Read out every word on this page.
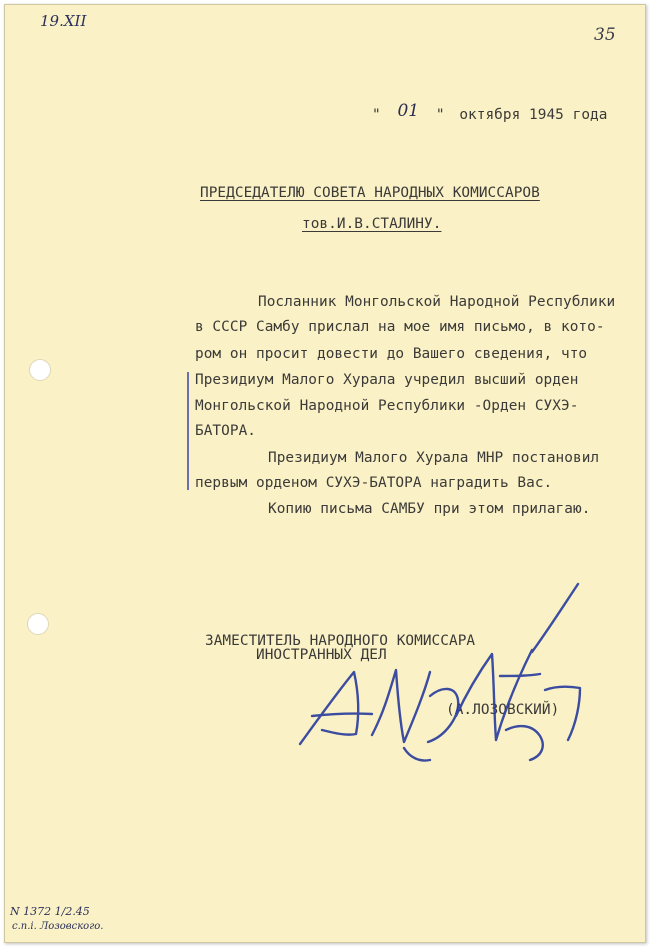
19.XII
35
" 01 " октября 1945 года
ПРЕДСЕДАТЕЛЮ СОВЕТА НАРОДНЫХ КОМИССАРОВ
тов.И.В.СТАЛИНУ.
Посланник Монгольской Народной Республики
в СССР Самбу прислал на мое имя письмо, в кото-
ром он просит довести до Вашего сведения, что
Президиум Малого Хурала учредил высший орден
Монгольской Народной Республики -Орден СУХЭ-
БАТОРА.
Президиум Малого Хурала МНР постановил
первым орденом СУХЭ-БАТОРА наградить Вас.
Копию письма САМБУ при этом прилагаю.
ЗАМЕСТИТЕЛЬ НАРОДНОГО КОМИССАРА
ИНОСТРАННЫХ ДЕЛ
(А.ЛОЗОВСКИЙ)
N 1372 1/2.45
с.п.і. Лозовского.
